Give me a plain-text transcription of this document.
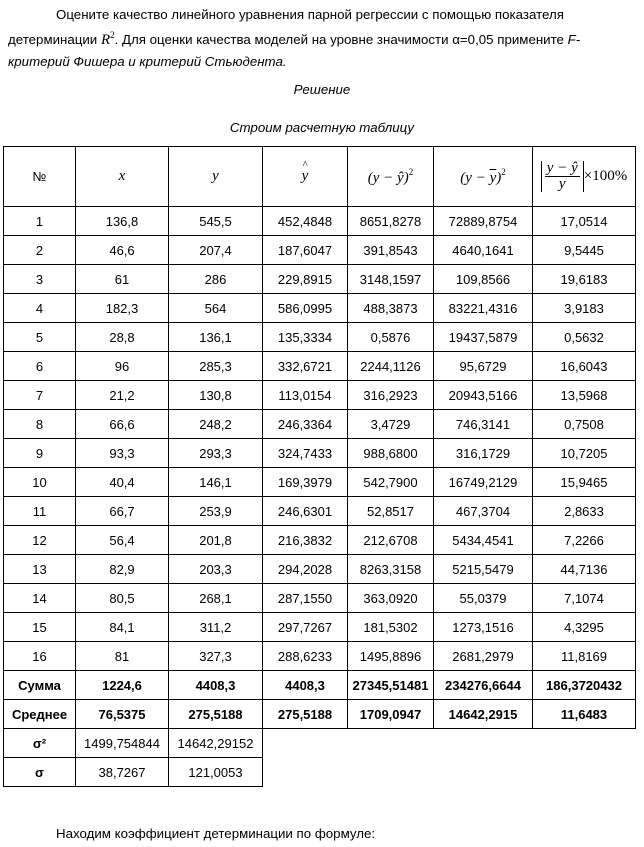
Оцените качество линейного уравнения парной регрессии с помощью показателя
детерминации $R^2$. Для оценки качества моделей на уровне значимости α=0,05 примените F-
критерий Фишера и критерий Стьюдента.
Решение
Строим расчетную таблицу
№	x	y	^ y	(y − ŷ)$^2$	$(y - \overline{y})^2$	$\frac{y - ŷ}{y} \times 100\%$
1	136,8	545,5	452,4848	8651,8278	72889,8754	17,0514
2	46,6	207,4	187,6047	391,8543	4640,1641	9,5445
3	61	286	229,8915	3148,1597	109,8566	19,6183
4	182,3	564	586,0995	488,3873	83221,4316	3,9183
5	28,8	136,1	135,3334	0,5876	19437,5879	0,5632
6	96	285,3	332,6721	2244,1126	95,6729	16,6043
7	21,2	130,8	113,0154	316,2923	20943,5166	13,5968
8	66,6	248,2	246,3364	3,4729	746,3141	0,7508
9	93,3	293,3	324,7433	988,6800	316,1729	10,7205
10	40,4	146,1	169,3979	542,7900	16749,2129	15,9465
11	66,7	253,9	246,6301	52,8517	467,3704	2,8633
12	56,4	201,8	216,3832	212,6708	5434,4541	7,2266
13	82,9	203,3	294,2028	8263,3158	5215,5479	44,7136
14	80,5	268,1	287,1550	363,0920	55,0379	7,1074
15	84,1	311,2	297,7267	181,5302	1273,1516	4,3295
16	81	327,3	288,6233	1495,8896	2681,2979	11,8169
Сумма	1224,6	4408,3	4408,3	27345,51481	234276,6644	186,3720432
Среднее	76,5375	275,5188	275,5188	1709,0947	14642,2915	11,6483
σ²	1499,754844	14642,29152				
σ	38,7267	121,0053				
Находим коэффициент детерминации по формуле:
